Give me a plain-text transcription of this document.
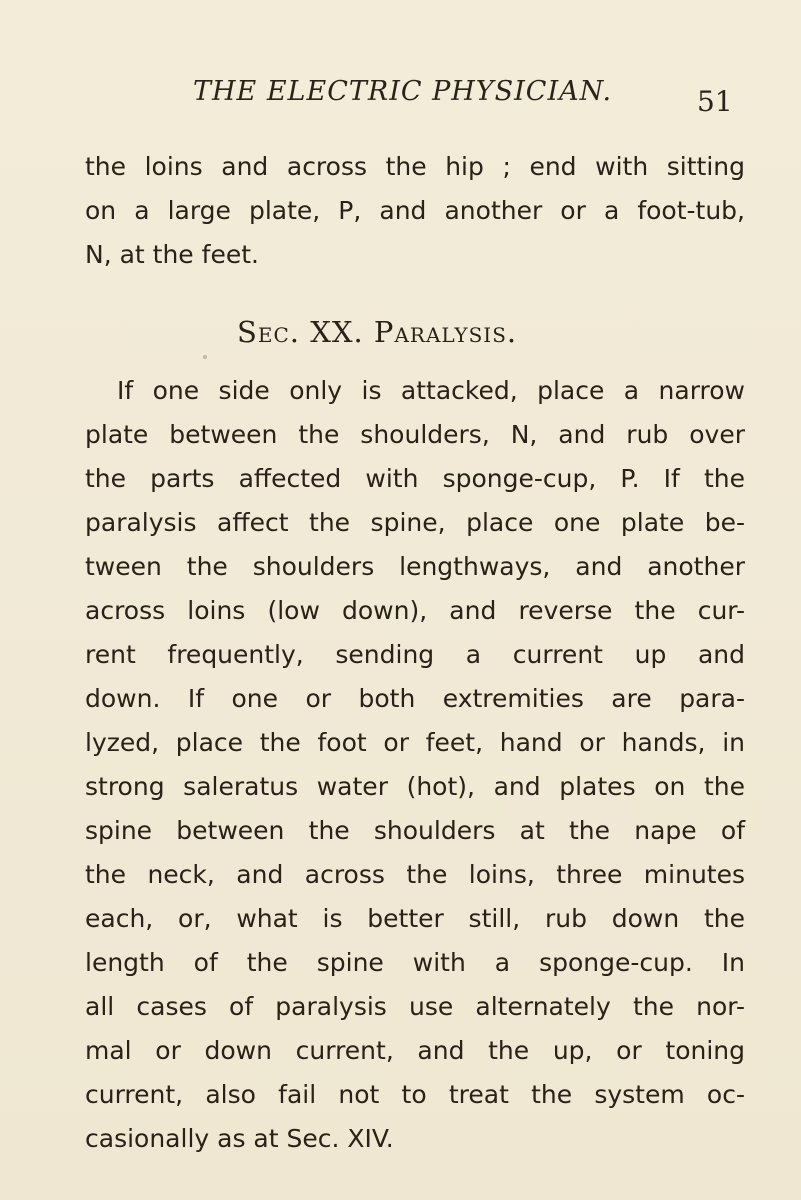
THE ELECTRIC PHYSICIAN.	51
the loins and across the hip ; end with sitting
on a large plate, P, and another or a foot-tub,
N, at the feet.
Sec. XX. Paralysis.
If one side only is attacked, place a narrow
plate between the shoulders, N, and rub over
the parts affected with sponge-cup, P. If the
paralysis affect the spine, place one plate be-
tween the shoulders lengthways, and another
across loins (low down), and reverse the cur-
rent frequently, sending a current up and
down. If one or both extremities are para-
lyzed, place the foot or feet, hand or hands, in
strong saleratus water (hot), and plates on the
spine between the shoulders at the nape of
the neck, and across the loins, three minutes
each, or, what is better still, rub down the
length of the spine with a sponge-cup. In
all cases of paralysis use alternately the nor-
mal or down current, and the up, or toning
current, also fail not to treat the system oc-
casionally as at Sec. XIV.
